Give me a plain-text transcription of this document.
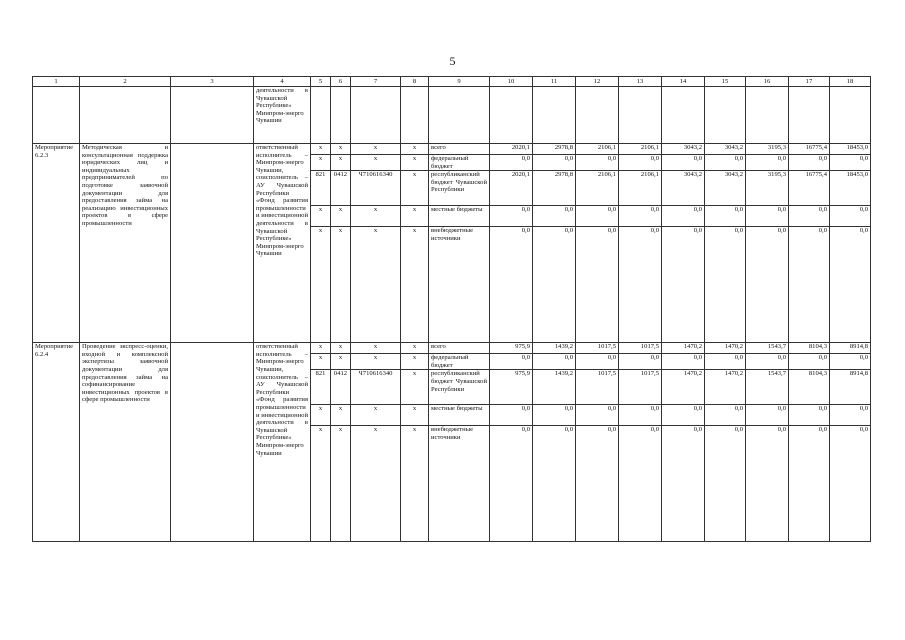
5
1	2	3	4	5	6	7	8	9	10	11	12	13	14	15	16	17	18
			деятельности в Чувашской Республике» Минпром-энерго Чувашии														
Мероприятие 6.2.3	Методическая и консультационная поддержка юридических лиц и индивидуальных предпринимателей по подготовке заявочной документации для предоставления займа на реализацию инвестиционных проектов в сфере промышленности		ответственный исполнитель – Минпром-энерго Чувашии, соисполнитель – АУ Чувашской Республики «Фонд развития промышленности и инвестиционной деятельности в Чувашской Республике» Минпром-энерго Чувашии	x	x	x	x	всего	2020,1	2978,8	2106,1	2106,1	3043,2	3043,2	3195,3	16775,4	18453,0
				x	x	x	x	федеральный бюджет	0,0	0,0	0,0	0,0	0,0	0,0	0,0	0,0	0,0
				821	0412	Ч710616340	x	республиканский бюджет Чувашской Республики	2020,1	2978,8	2106,1	2106,1	3043,2	3043,2	3195,3	16775,4	18453,0
				x	x	x	x	местные бюджеты	0,0	0,0	0,0	0,0	0,0	0,0	0,0	0,0	0,0
				x	x	x	x	внебюджетные источники	0,0	0,0	0,0	0,0	0,0	0,0	0,0	0,0	0,0
Мероприятие 6.2.4	Проведение экспресс-оценки, входной и комплексной экспертизы заявочной документации для предоставления займа на софинансирование инвестиционных проектов в сфере промышленности		ответственный исполнитель – Минпром-энерго Чувашии, соисполнитель – АУ Чувашской Республики «Фонд развития промышленности и инвестиционной деятельности в Чувашской Республике» Минпром-энерго Чувашии	x	x	x	x	всего	975,9	1439,2	1017,5	1017,5	1470,2	1470,2	1543,7	8104,3	8914,8
				x	x	x	x	федеральный бюджет	0,0	0,0	0,0	0,0	0,0	0,0	0,0	0,0	0,0
				821	0412	Ч710616340	x	республиканский бюджет Чувашской Республики	975,9	1439,2	1017,5	1017,5	1470,2	1470,2	1543,7	8104,3	8914,8
				x	x	x	x	местные бюджеты	0,0	0,0	0,0	0,0	0,0	0,0	0,0	0,0	0,0
				x	x	x	x	внебюджетные источники	0,0	0,0	0,0	0,0	0,0	0,0	0,0	0,0	0,0
